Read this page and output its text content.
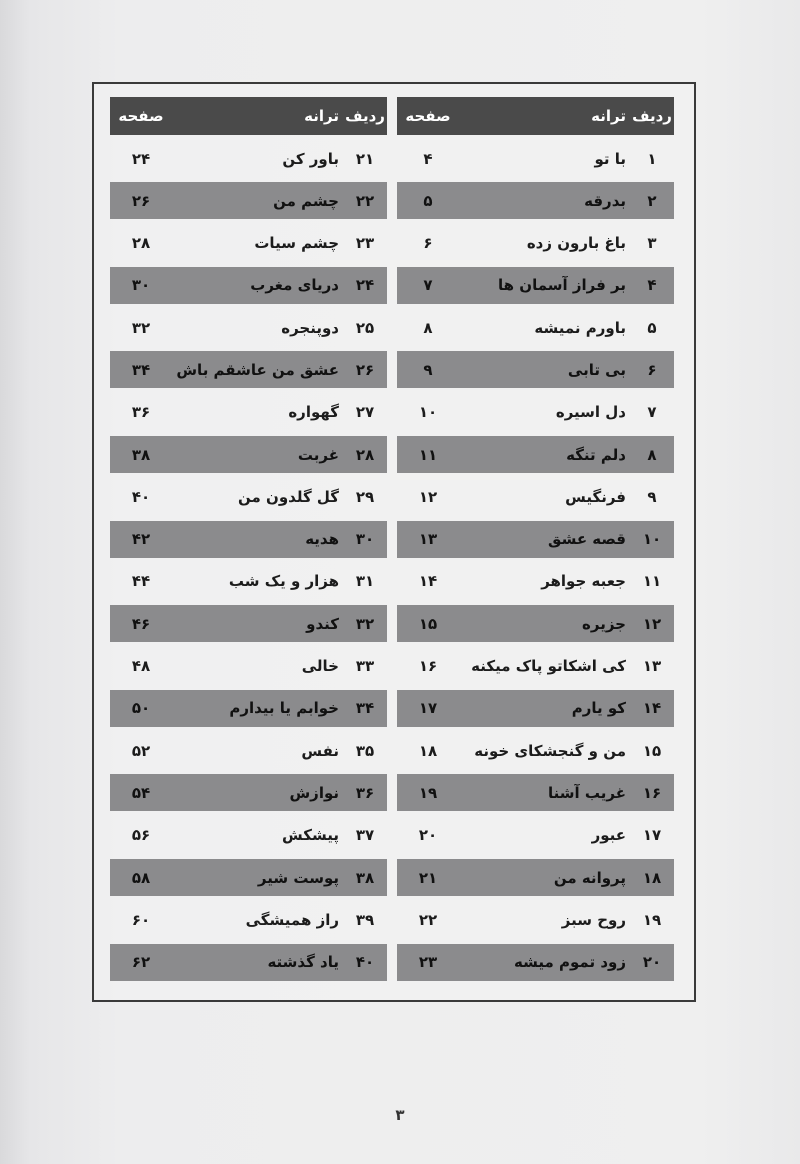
ردیف
ترانه
صفحه
۱
با تو
۴
۲
بدرقه
۵
۳
باغ بارون زده
۶
۴
بر فراز آسمان ها
۷
۵
باورم نمیشه
۸
۶
بی تابی
۹
۷
دل اسیره
۱۰
۸
دلم تنگه
۱۱
۹
فرنگیس
۱۲
۱۰
قصه عشق
۱۳
۱۱
جعبه جواهر
۱۴
۱۲
جزیره
۱۵
۱۳
کی اشکاتو پاک میکنه
۱۶
۱۴
کو یارم
۱۷
۱۵
من و گنجشکای خونه
۱۸
۱۶
غریب آشنا
۱۹
۱۷
عبور
۲۰
۱۸
پروانه من
۲۱
۱۹
روح سبز
۲۲
۲۰
زود تموم میشه
۲۳
ردیف
ترانه
صفحه
۲۱
باور کن
۲۴
۲۲
چشم من
۲۶
۲۳
چشم سیات
۲۸
۲۴
دریای مغرب
۳۰
۲۵
دوپنجره
۳۲
۲۶
عشق من عاشقم باش
۳۴
۲۷
گهواره
۳۶
۲۸
غربت
۳۸
۲۹
گل گلدون من
۴۰
۳۰
هدیه
۴۲
۳۱
هزار و یک شب
۴۴
۳۲
کندو
۴۶
۳۳
خالی
۴۸
۳۴
خوابم یا بیدارم
۵۰
۳۵
نفس
۵۲
۳۶
نوازش
۵۴
۳۷
پیشکش
۵۶
۳۸
پوست شیر
۵۸
۳۹
راز همیشگی
۶۰
۴۰
یاد گذشته
۶۲
۳
